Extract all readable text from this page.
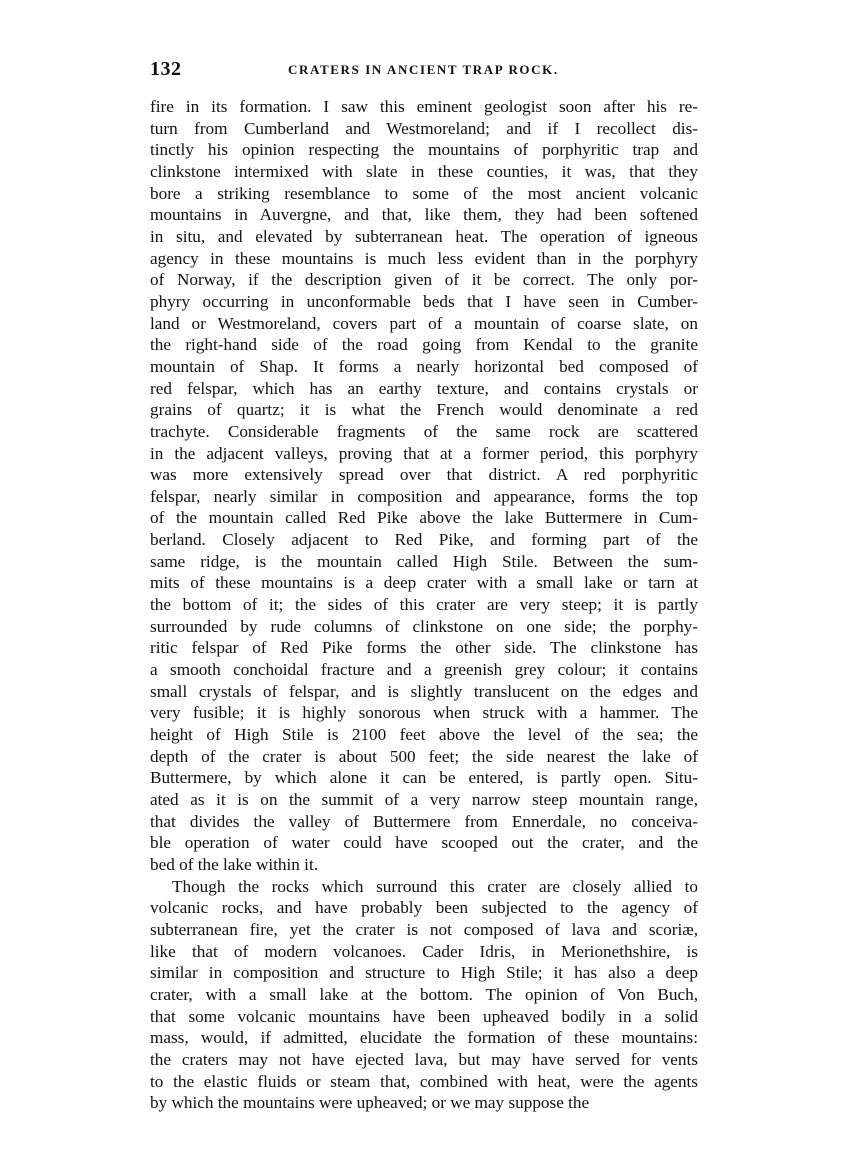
132	CRATERS IN ANCIENT TRAP ROCK.
fire in its formation. I saw this eminent geologist soon after his re-
turn from Cumberland and Westmoreland; and if I recollect dis-
tinctly his opinion respecting the mountains of porphyritic trap and
clinkstone intermixed with slate in these counties, it was, that they
bore a striking resemblance to some of the most ancient volcanic
mountains in Auvergne, and that, like them, they had been softened
in situ, and elevated by subterranean heat. The operation of igneous
agency in these mountains is much less evident than in the porphyry
of Norway, if the description given of it be correct. The only por-
phyry occurring in unconformable beds that I have seen in Cumber-
land or Westmoreland, covers part of a mountain of coarse slate, on
the right-hand side of the road going from Kendal to the granite
mountain of Shap. It forms a nearly horizontal bed composed of
red felspar, which has an earthy texture, and contains crystals or
grains of quartz; it is what the French would denominate a red
trachyte. Considerable fragments of the same rock are scattered
in the adjacent valleys, proving that at a former period, this porphyry
was more extensively spread over that district. A red porphyritic
felspar, nearly similar in composition and appearance, forms the top
of the mountain called Red Pike above the lake Buttermere in Cum-
berland. Closely adjacent to Red Pike, and forming part of the
same ridge, is the mountain called High Stile. Between the sum-
mits of these mountains is a deep crater with a small lake or tarn at
the bottom of it; the sides of this crater are very steep; it is partly
surrounded by rude columns of clinkstone on one side; the porphy-
ritic felspar of Red Pike forms the other side. The clinkstone has
a smooth conchoidal fracture and a greenish grey colour; it contains
small crystals of felspar, and is slightly translucent on the edges and
very fusible; it is highly sonorous when struck with a hammer. The
height of High Stile is 2100 feet above the level of the sea; the
depth of the crater is about 500 feet; the side nearest the lake of
Buttermere, by which alone it can be entered, is partly open. Situ-
ated as it is on the summit of a very narrow steep mountain range,
that divides the valley of Buttermere from Ennerdale, no conceiva-
ble operation of water could have scooped out the crater, and the
bed of the lake within it.
Though the rocks which surround this crater are closely allied to
volcanic rocks, and have probably been subjected to the agency of
subterranean fire, yet the crater is not composed of lava and scoriæ,
like that of modern volcanoes. Cader Idris, in Merionethshire, is
similar in composition and structure to High Stile; it has also a deep
crater, with a small lake at the bottom. The opinion of Von Buch,
that some volcanic mountains have been upheaved bodily in a solid
mass, would, if admitted, elucidate the formation of these mountains:
the craters may not have ejected lava, but may have served for vents
to the elastic fluids or steam that, combined with heat, were the agents
by which the mountains were upheaved; or we may suppose the
